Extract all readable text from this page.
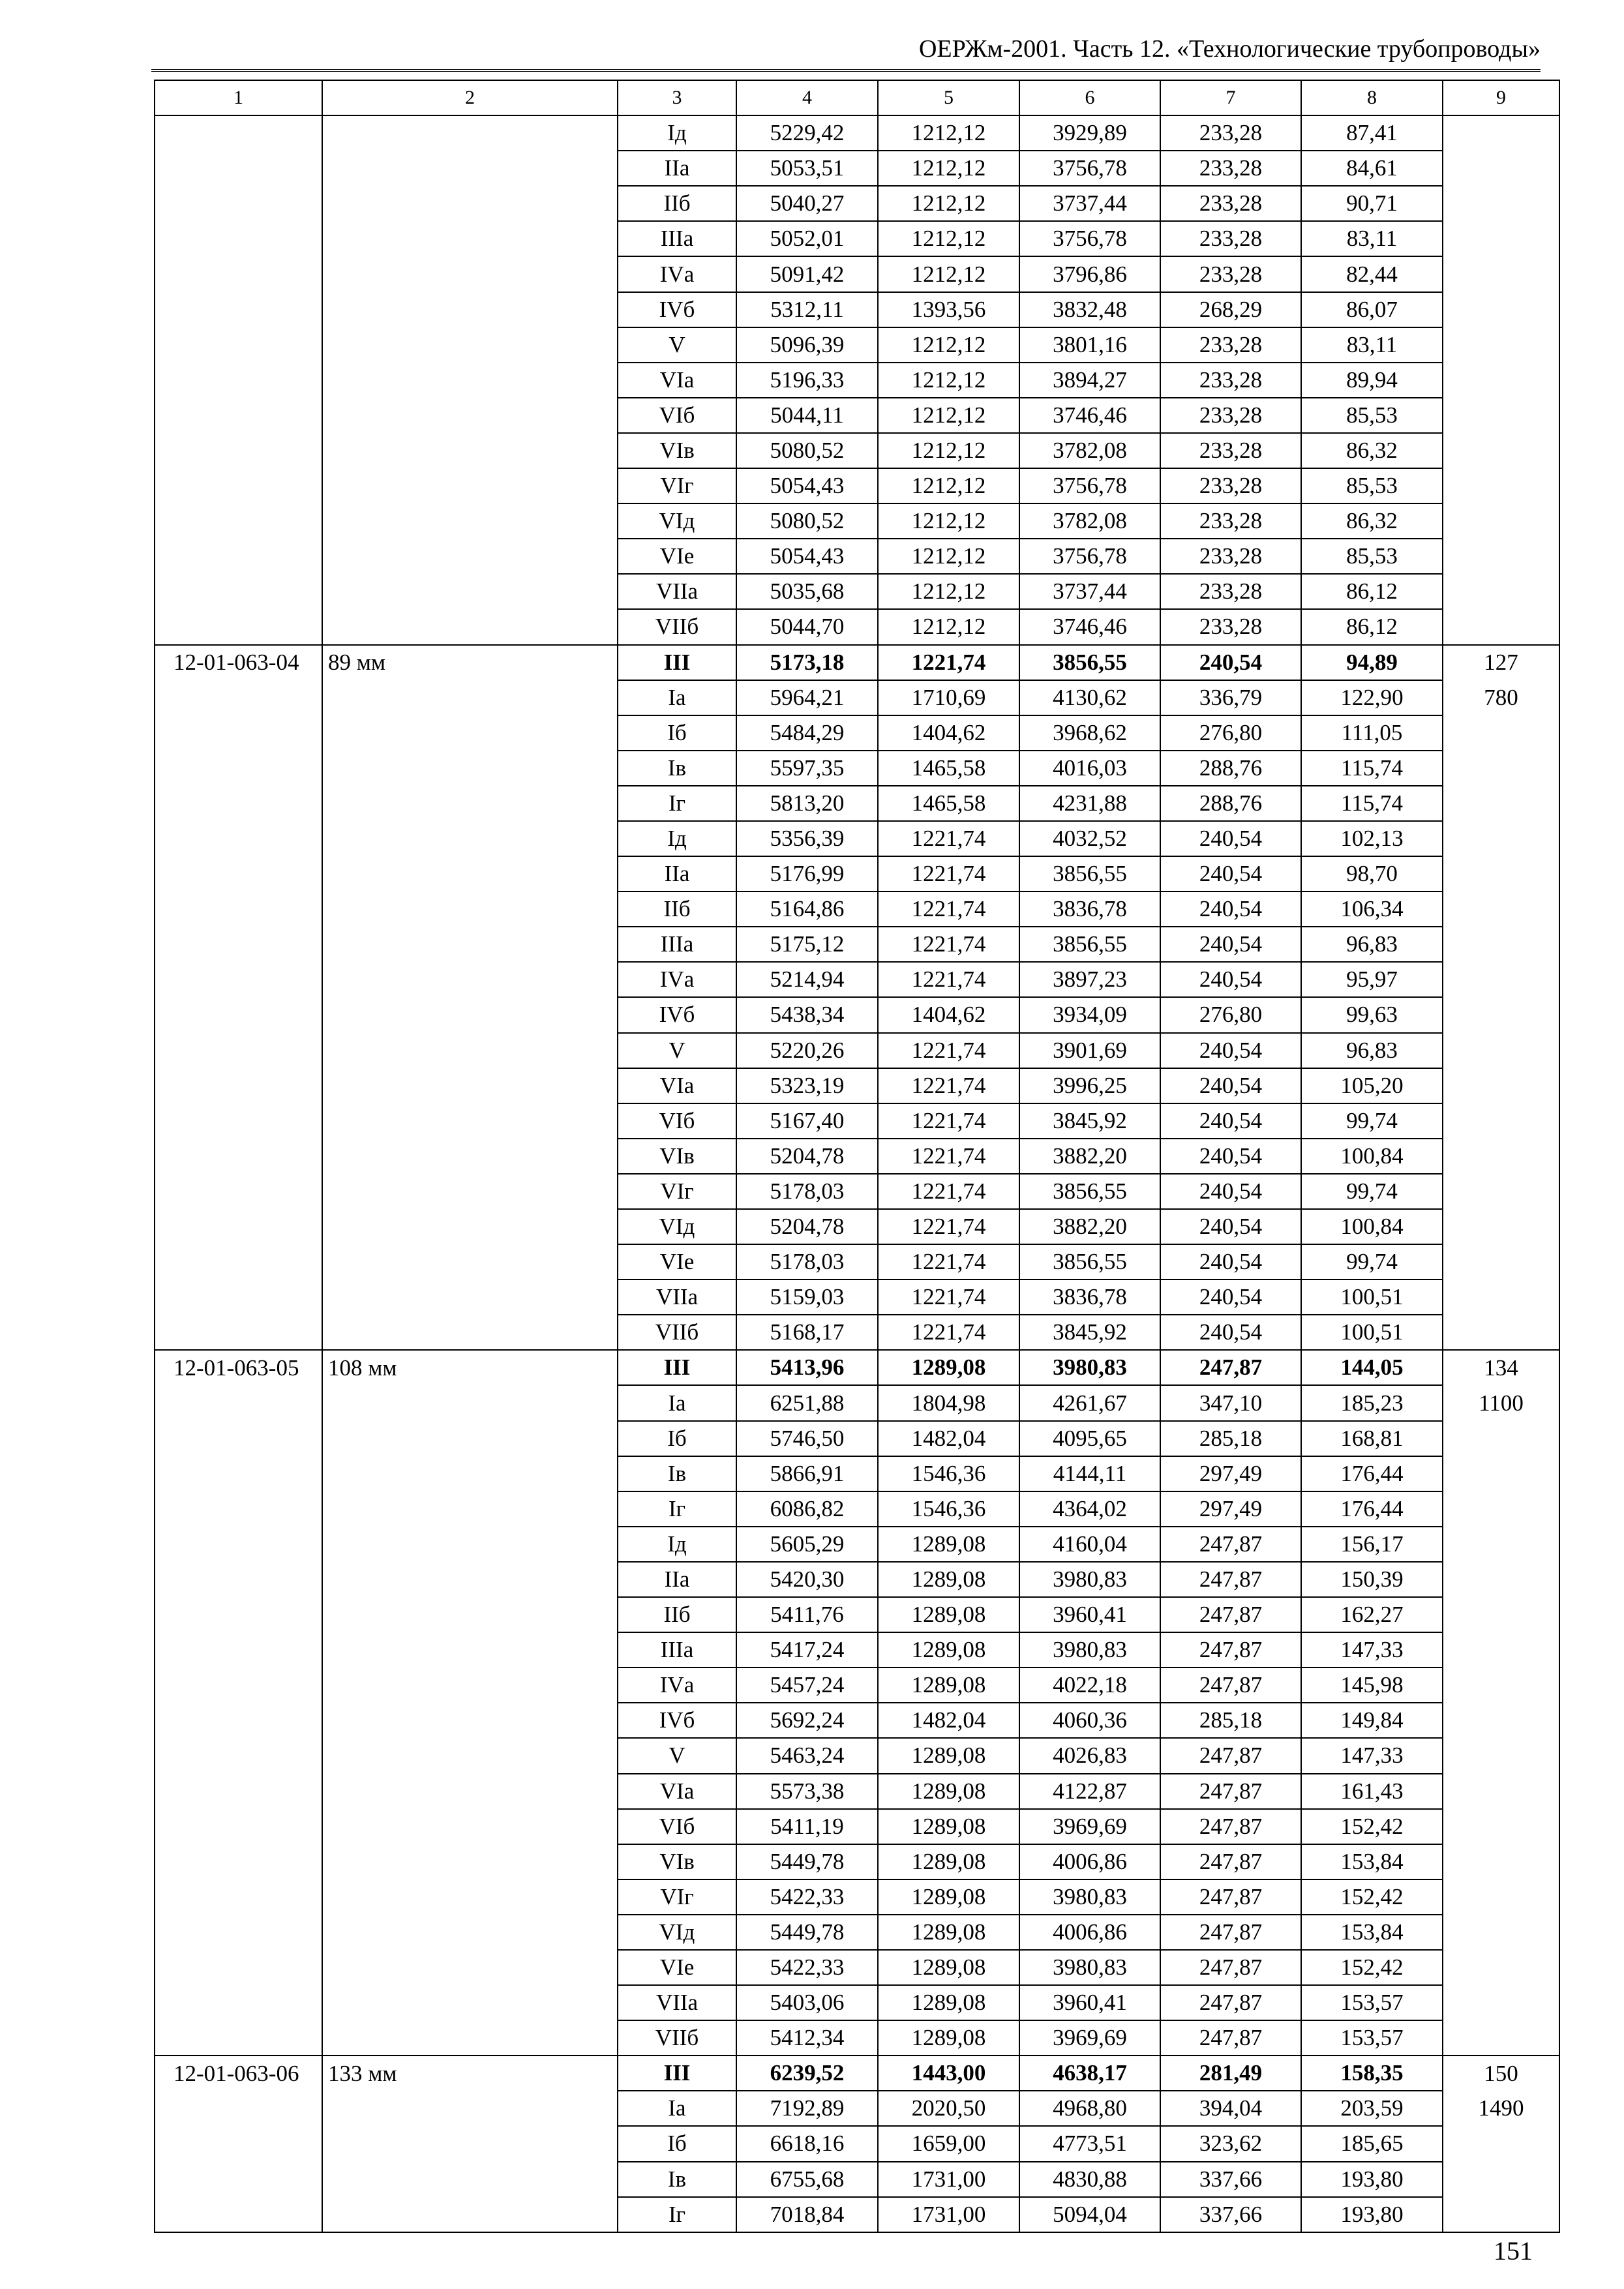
ОЕРЖм-2001. Часть 12. «Технологические трубопроводы»
1	2	3	4	5	6	7	8	9
		Iд	5229,42	1212,12	3929,89	233,28	87,41	
		IIа	5053,51	1212,12	3756,78	233,28	84,61	
		IIб	5040,27	1212,12	3737,44	233,28	90,71	
		IIIа	5052,01	1212,12	3756,78	233,28	83,11	
		IVа	5091,42	1212,12	3796,86	233,28	82,44	
		IVб	5312,11	1393,56	3832,48	268,29	86,07	
		V	5096,39	1212,12	3801,16	233,28	83,11	
		VIа	5196,33	1212,12	3894,27	233,28	89,94	
		VIб	5044,11	1212,12	3746,46	233,28	85,53	
		VIв	5080,52	1212,12	3782,08	233,28	86,32	
		VIг	5054,43	1212,12	3756,78	233,28	85,53	
		VIд	5080,52	1212,12	3782,08	233,28	86,32	
		VIе	5054,43	1212,12	3756,78	233,28	85,53	
		VIIа	5035,68	1212,12	3737,44	233,28	86,12	
		VIIб	5044,70	1212,12	3746,46	233,28	86,12	
12-01-063-04	89 мм	III	5173,18	1221,74	3856,55	240,54	94,89	127
		Iа	5964,21	1710,69	4130,62	336,79	122,90	780
		Iб	5484,29	1404,62	3968,62	276,80	111,05	
		Iв	5597,35	1465,58	4016,03	288,76	115,74	
		Iг	5813,20	1465,58	4231,88	288,76	115,74	
		Iд	5356,39	1221,74	4032,52	240,54	102,13	
		IIа	5176,99	1221,74	3856,55	240,54	98,70	
		IIб	5164,86	1221,74	3836,78	240,54	106,34	
		IIIа	5175,12	1221,74	3856,55	240,54	96,83	
		IVа	5214,94	1221,74	3897,23	240,54	95,97	
		IVб	5438,34	1404,62	3934,09	276,80	99,63	
		V	5220,26	1221,74	3901,69	240,54	96,83	
		VIа	5323,19	1221,74	3996,25	240,54	105,20	
		VIб	5167,40	1221,74	3845,92	240,54	99,74	
		VIв	5204,78	1221,74	3882,20	240,54	100,84	
		VIг	5178,03	1221,74	3856,55	240,54	99,74	
		VIд	5204,78	1221,74	3882,20	240,54	100,84	
		VIе	5178,03	1221,74	3856,55	240,54	99,74	
		VIIа	5159,03	1221,74	3836,78	240,54	100,51	
		VIIб	5168,17	1221,74	3845,92	240,54	100,51	
12-01-063-05	108 мм	III	5413,96	1289,08	3980,83	247,87	144,05	134
		Iа	6251,88	1804,98	4261,67	347,10	185,23	1100
		Iб	5746,50	1482,04	4095,65	285,18	168,81	
		Iв	5866,91	1546,36	4144,11	297,49	176,44	
		Iг	6086,82	1546,36	4364,02	297,49	176,44	
		Iд	5605,29	1289,08	4160,04	247,87	156,17	
		IIа	5420,30	1289,08	3980,83	247,87	150,39	
		IIб	5411,76	1289,08	3960,41	247,87	162,27	
		IIIа	5417,24	1289,08	3980,83	247,87	147,33	
		IVа	5457,24	1289,08	4022,18	247,87	145,98	
		IVб	5692,24	1482,04	4060,36	285,18	149,84	
		V	5463,24	1289,08	4026,83	247,87	147,33	
		VIа	5573,38	1289,08	4122,87	247,87	161,43	
		VIб	5411,19	1289,08	3969,69	247,87	152,42	
		VIв	5449,78	1289,08	4006,86	247,87	153,84	
		VIг	5422,33	1289,08	3980,83	247,87	152,42	
		VIд	5449,78	1289,08	4006,86	247,87	153,84	
		VIе	5422,33	1289,08	3980,83	247,87	152,42	
		VIIа	5403,06	1289,08	3960,41	247,87	153,57	
		VIIб	5412,34	1289,08	3969,69	247,87	153,57	
12-01-063-06	133 мм	III	6239,52	1443,00	4638,17	281,49	158,35	150
		Iа	7192,89	2020,50	4968,80	394,04	203,59	1490
		Iб	6618,16	1659,00	4773,51	323,62	185,65	
		Iв	6755,68	1731,00	4830,88	337,66	193,80	
		Iг	7018,84	1731,00	5094,04	337,66	193,80	
151
